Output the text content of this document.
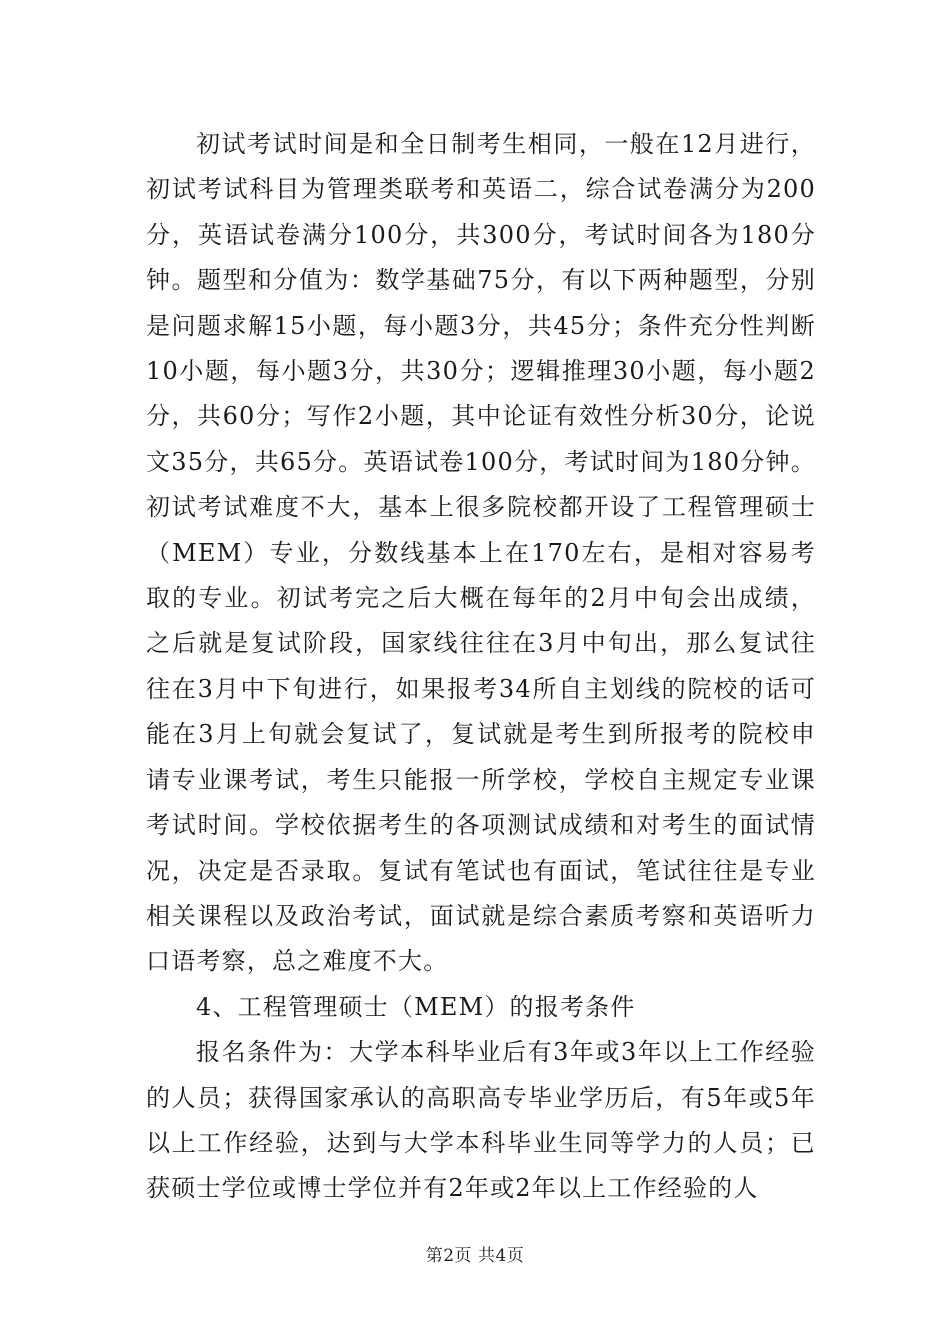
初试考试时间是和全日制考生相同，一般在12月进行，初试考试科目为管理类联考和英语二，综合试卷满分为200分，英语试卷满分100分，共300分，考试时间各为180分钟。题型和分值为：数学基础75分，有以下两种题型，分别是问题求解15小题，每小题3分，共45分；条件充分性判断10小题，每小题3分，共30分；逻辑推理30小题，每小题2分，共60分；写作2小题，其中论证有效性分析30分，论说文35分，共65分。英语试卷100分，考试时间为180分钟。初试考试难度不大，基本上很多院校都开设了工程管理硕士（MEM）专业，分数线基本上在170左右，是相对容易考取的专业。初试考完之后大概在每年的2月中旬会出成绩，之后就是复试阶段，国家线往往在3月中旬出，那么复试往往在3月中下旬进行，如果报考34所自主划线的院校的话可能在3月上旬就会复试了，复试就是考生到所报考的院校申请专业课考试，考生只能报一所学校，学校自主规定专业课考试时间。学校依据考生的各项测试成绩和对考生的面试情况，决定是否录取。复试有笔试也有面试，笔试往往是专业相关课程以及政治考试，面试就是综合素质考察和英语听力口语考察，总之难度不大。

4、工程管理硕士（MEM）的报考条件

报名条件为：大学本科毕业后有3年或3年以上工作经验的人员；获得国家承认的高职高专毕业学历后，有5年或5年以上工作经验，达到与大学本科毕业生同等学力的人员；已获硕士学位或博士学位并有2年或2年以上工作经验的人

第2页 共4页
